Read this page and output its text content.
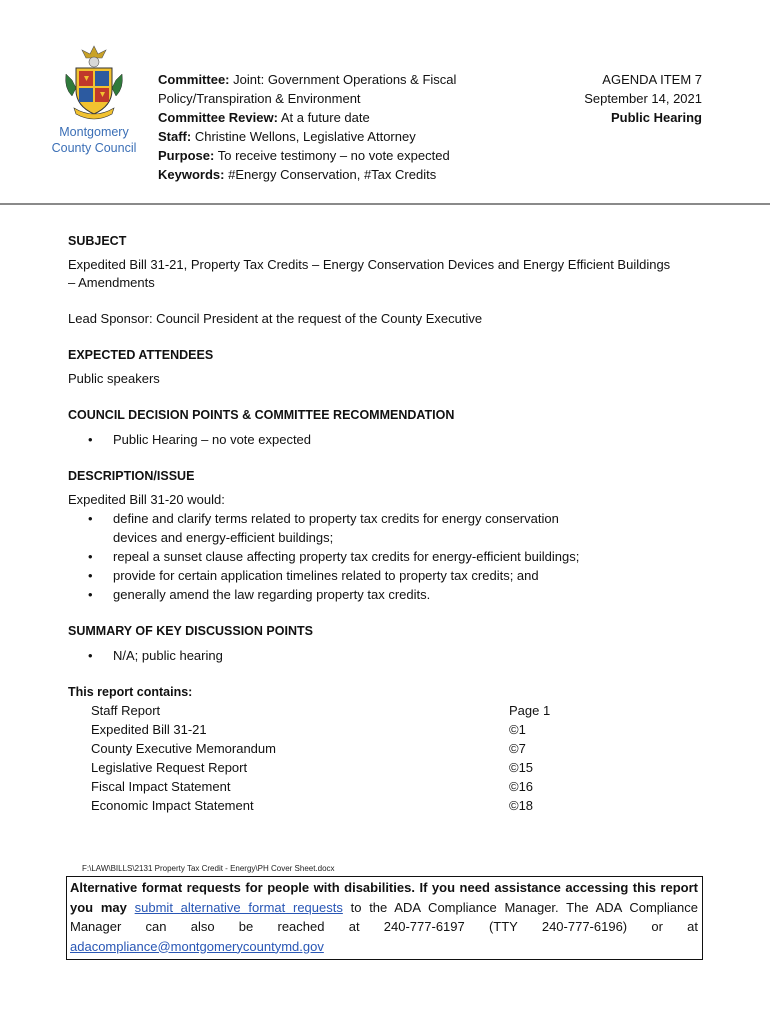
Montgomery
County Council
Committee: Joint: Government Operations & Fiscal
Policy/Transpiration & Environment
Committee Review: At a future date
Staff: Christine Wellons, Legislative Attorney
Purpose: To receive testimony – no vote expected
Keywords: #Energy Conservation, #Tax Credits
AGENDA ITEM 7
September 14, 2021
Public Hearing

SUBJECT

Expedited Bill 31-21, Property Tax Credits – Energy Conservation Devices and Energy Efficient Buildings

– Amendments

Lead Sponsor: Council President at the request of the County Executive

EXPECTED ATTENDEES

Public speakers

COUNCIL DECISION POINTS & COMMITTEE RECOMMENDATION

• Public Hearing – no vote expected

DESCRIPTION/ISSUE

Expedited Bill 31-20 would:

• define and clarify terms related to property tax credits for energy conservation
devices and energy-efficient buildings;
• repeal a sunset clause affecting property tax credits for energy-efficient buildings;
• provide for certain application timelines related to property tax credits; and
• generally amend the law regarding property tax credits.

SUMMARY OF KEY DISCUSSION POINTS

• N/A; public hearing

This report contains:

Staff Report	Page 1
Expedited Bill 31-21	©1
County Executive Memorandum	©7
Legislative Request Report	©15
Fiscal Impact Statement	©16
Economic Impact Statement	©18
F:\LAW\BILLS\2131 Property Tax Credit - Energy\PH Cover Sheet.docx
Alternative format requests for people with disabilities. If you need assistance accessing this report you may submit alternative format requests to the ADA Compliance Manager. The ADA Compliance Manager can also be reached at 240-777-6197 (TTY 240-777-6196) or at adacompliance@montgomerycountymd.gov
